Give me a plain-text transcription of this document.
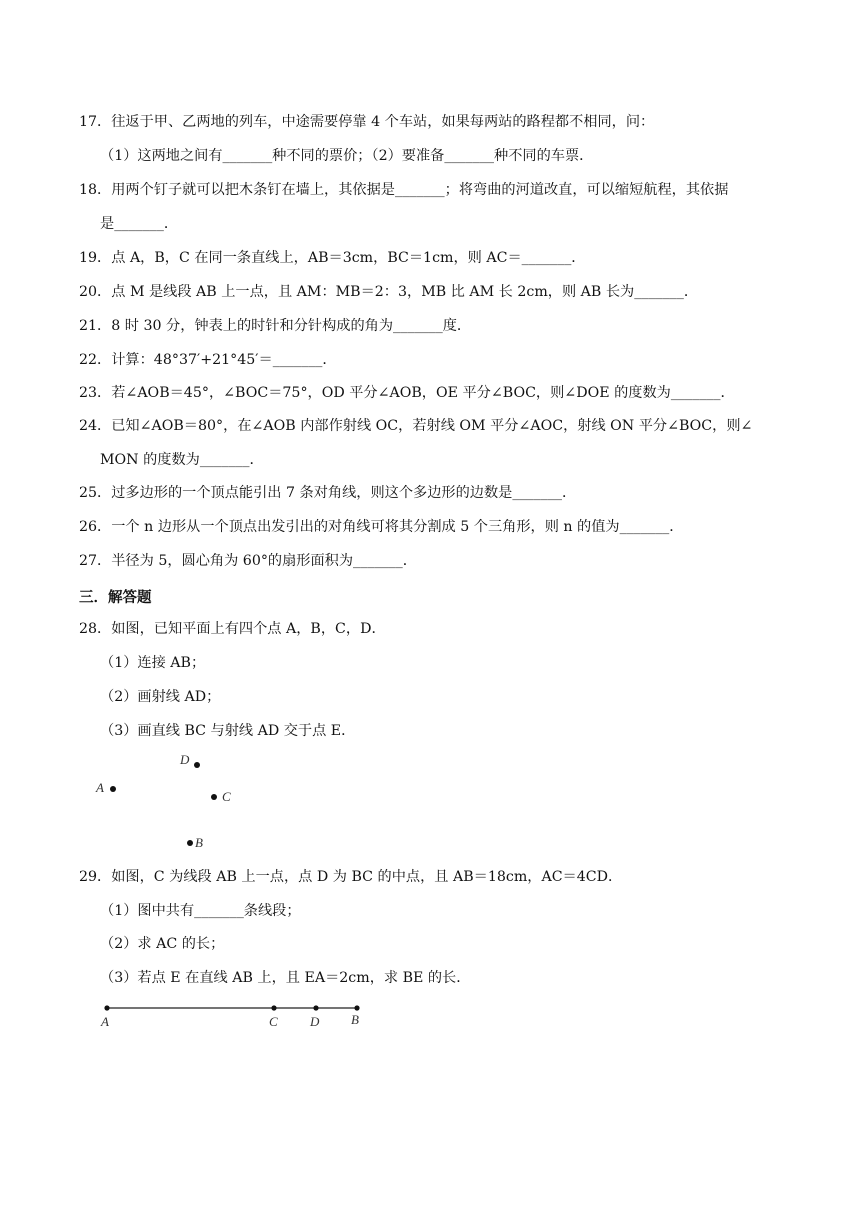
17．往返于甲、乙两地的列车，中途需要停靠 4 个车站，如果每两站的路程都不相同，问：
（1）这两地之间有_______种不同的票价；（2）要准备_______种不同的车票．
18．用两个钉子就可以把木条钉在墙上，其依据是_______；将弯曲的河道改直，可以缩短航程，其依据
是_______．
19．点 A，B，C 在同一条直线上，AB＝3cm，BC＝1cm，则 AC＝_______．
20．点 M 是线段 AB 上一点，且 AM：MB＝2：3，MB 比 AM 长 2cm，则 AB 长为_______．
21．8 时 30 分，钟表上的时针和分针构成的角为_______度．
22．计算：48°37′+21°45′＝_______．
23．若∠AOB＝45°，∠BOC＝75°，OD 平分∠AOB，OE 平分∠BOC，则∠DOE 的度数为_______．
24．已知∠AOB＝80°，在∠AOB 内部作射线 OC，若射线 OM 平分∠AOC，射线 ON 平分∠BOC，则∠
MON 的度数为_______．
25．过多边形的一个顶点能引出 7 条对角线，则这个多边形的边数是_______．
26．一个 n 边形从一个顶点出发引出的对角线可将其分割成 5 个三角形，则 n 的值为_______．
27．半径为 5，圆心角为 60°的扇形面积为_______．
三．解答题
28．如图，已知平面上有四个点 A，B，C，D．
（1）连接 AB；
（2）画射线 AD；
（3）画直线 BC 与射线 AD 交于点 E．
D
A
C
B
29．如图，C 为线段 AB 上一点，点 D 为 BC 的中点，且 AB＝18cm，AC＝4CD．
（1）图中共有_______条线段；
（2）求 AC 的长；
（3）若点 E 在直线 AB 上，且 EA＝2cm，求 BE 的长．
A	C D B
